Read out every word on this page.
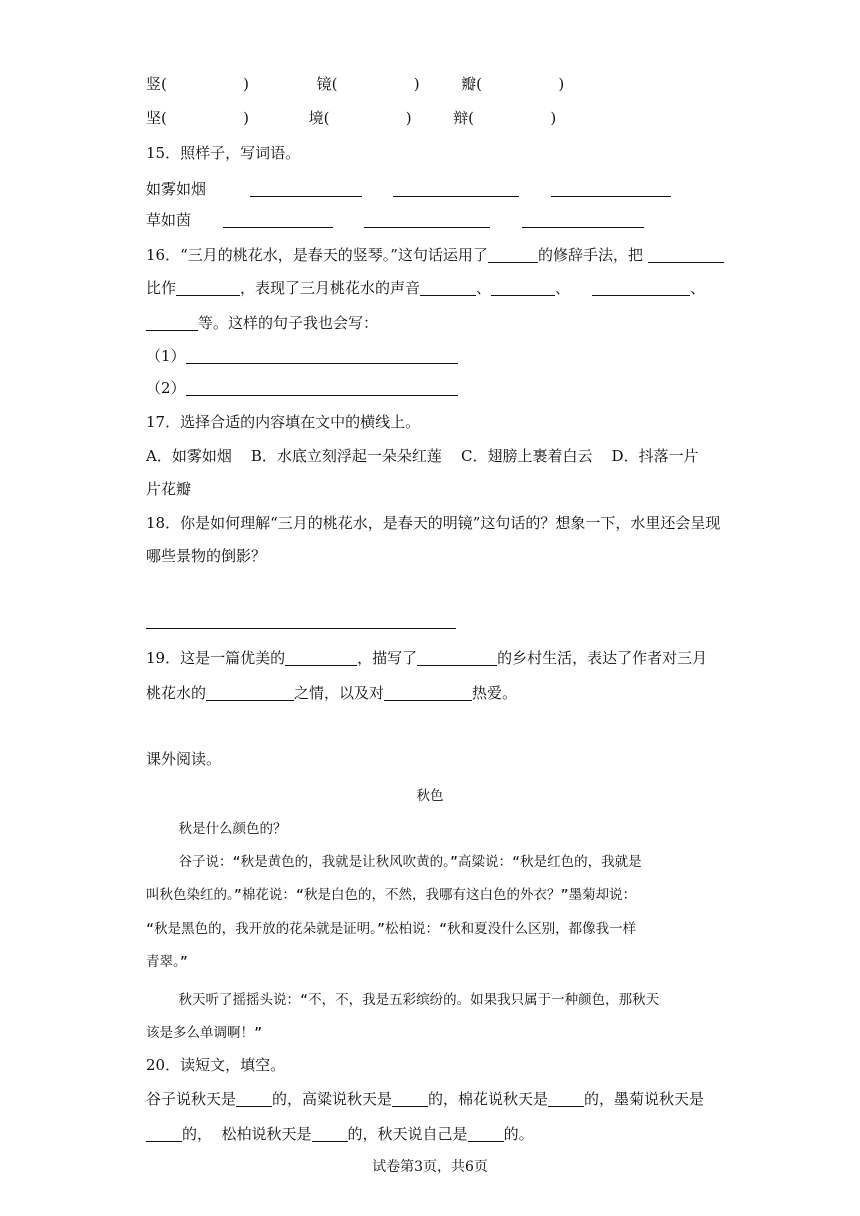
竖(                )	镜(                )	瓣(                )
坚(                )	境(                )	辩(                )
15．照样子，写词语。
如雾如烟
草如茵
16．“三月的桃花水，是春天的竖琴。”这句话运用了	的修辞手法，把
比作	，表现了三月桃花水的声音	、	、	、
等。这样的句子我也会写：
（1）
（2）
17．选择合适的内容填在文中的横线上。
A．如雾如烟    B．水底立刻浮起一朵朵红莲    C．翅膀上裹着白云    D．抖落一片
片花瓣
18．你是如何理解“三月的桃花水，是春天的明镜”这句话的？想象一下，水里还会呈现
哪些景物的倒影？
19．这是一篇优美的	，描写了	的乡村生活，表达了作者对三月
桃花水的	之情，以及对	热爱。
课外阅读。
秋色
秋是什么颜色的？
谷子说：“秋是黄色的，我就是让秋风吹黄的。”高粱说：“秋是红色的，我就是
叫秋色染红的。”棉花说：“秋是白色的，不然，我哪有这白色的外衣？”墨菊却说：
“秋是黑色的，我开放的花朵就是证明。”松柏说：“秋和夏没什么区别，都像我一样
青翠。”
秋天听了摇摇头说：“不，不，我是五彩缤纷的。如果我只属于一种颜色，那秋天
该是多么单调啊！”
20．读短文，填空。
谷子说秋天是 的，高粱说秋天是 的，棉花说秋天是 的，墨菊说秋天是
的，  松柏说秋天是 的，秋天说自己是 的。
试卷第3页，共6页
